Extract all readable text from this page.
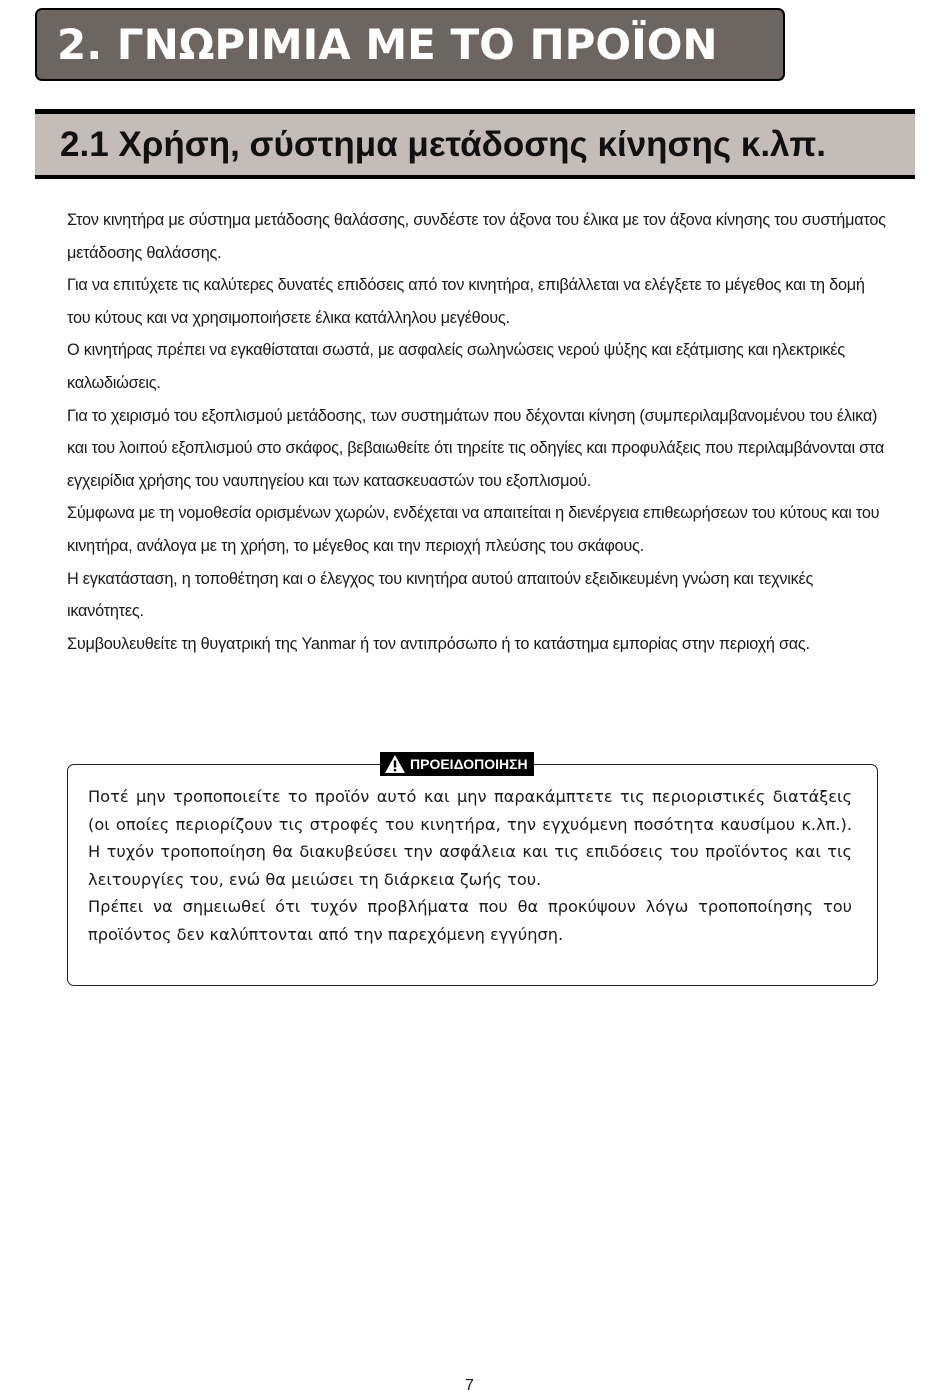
2. ΓΝΩΡΙΜΙΑ ΜΕ ΤΟ ΠΡΟΪΟΝ
2.1 Χρήση, σύστημα μετάδοσης κίνησης κ.λπ.

Στον κινητήρα με σύστημα μετάδοσης θαλάσσης, συνδέστε τον άξονα του έλικα με τον άξονα κίνησης του συστήματος μετάδοσης θαλάσσης.

Για να επιτύχετε τις καλύτερες δυνατές επιδόσεις από τον κινητήρα, επιβάλλεται να ελέγξετε το μέγεθος και τη δομή του κύτους και να χρησιμοποιήσετε έλικα κατάλληλου μεγέθους.

Ο κινητήρας πρέπει να εγκαθίσταται σωστά, με ασφαλείς σωληνώσεις νερού ψύξης και εξάτμισης και ηλεκτρικές καλωδιώσεις.

Για το χειρισμό του εξοπλισμού μετάδοσης, των συστημάτων που δέχονται κίνηση (συμπεριλαμβανομένου του έλικα) και του λοιπού εξοπλισμού στο σκάφος, βεβαιωθείτε ότι τηρείτε τις οδηγίες και προφυλάξεις που περιλαμβάνονται στα εγχειρίδια χρήσης του ναυπηγείου και των κατασκευαστών του εξοπλισμού.

Σύμφωνα με τη νομοθεσία ορισμένων χωρών, ενδέχεται να απαιτείται η διενέργεια επιθεωρήσεων του κύτους και του κινητήρα, ανάλογα με τη χρήση, το μέγεθος και την περιοχή πλεύσης του σκάφους.

Η εγκατάσταση, η τοποθέτηση και ο έλεγχος του κινητήρα αυτού απαιτούν εξειδικευμένη γνώση και τεχνικές ικανότητες.

Συμβουλευθείτε τη θυγατρική της Yanmar ή τον αντιπρόσωπο ή το κατάστημα εμπορίας στην περιοχή σας.

ΠΡΟΕΙΔΟΠΟΙΗΣΗ

Ποτέ μην τροποποιείτε το προϊόν αυτό και μην παρακάμπτετε τις περιοριστικές διατάξεις (οι οποίες περιορίζουν τις στροφές του κινητήρα, την εγχυόμενη ποσότητα καυσίμου κ.λπ.). Η τυχόν τροποποίηση θα διακυβεύσει την ασφάλεια και τις επιδόσεις του προϊόντος και τις λειτουργίες του, ενώ θα μειώσει τη διάρκεια ζωής του.

Πρέπει να σημειωθεί ότι τυχόν προβλήματα που θα προκύψουν λόγω τροποποίησης του προϊόντος δεν καλύπτονται από την παρεχόμενη εγγύηση.

7
